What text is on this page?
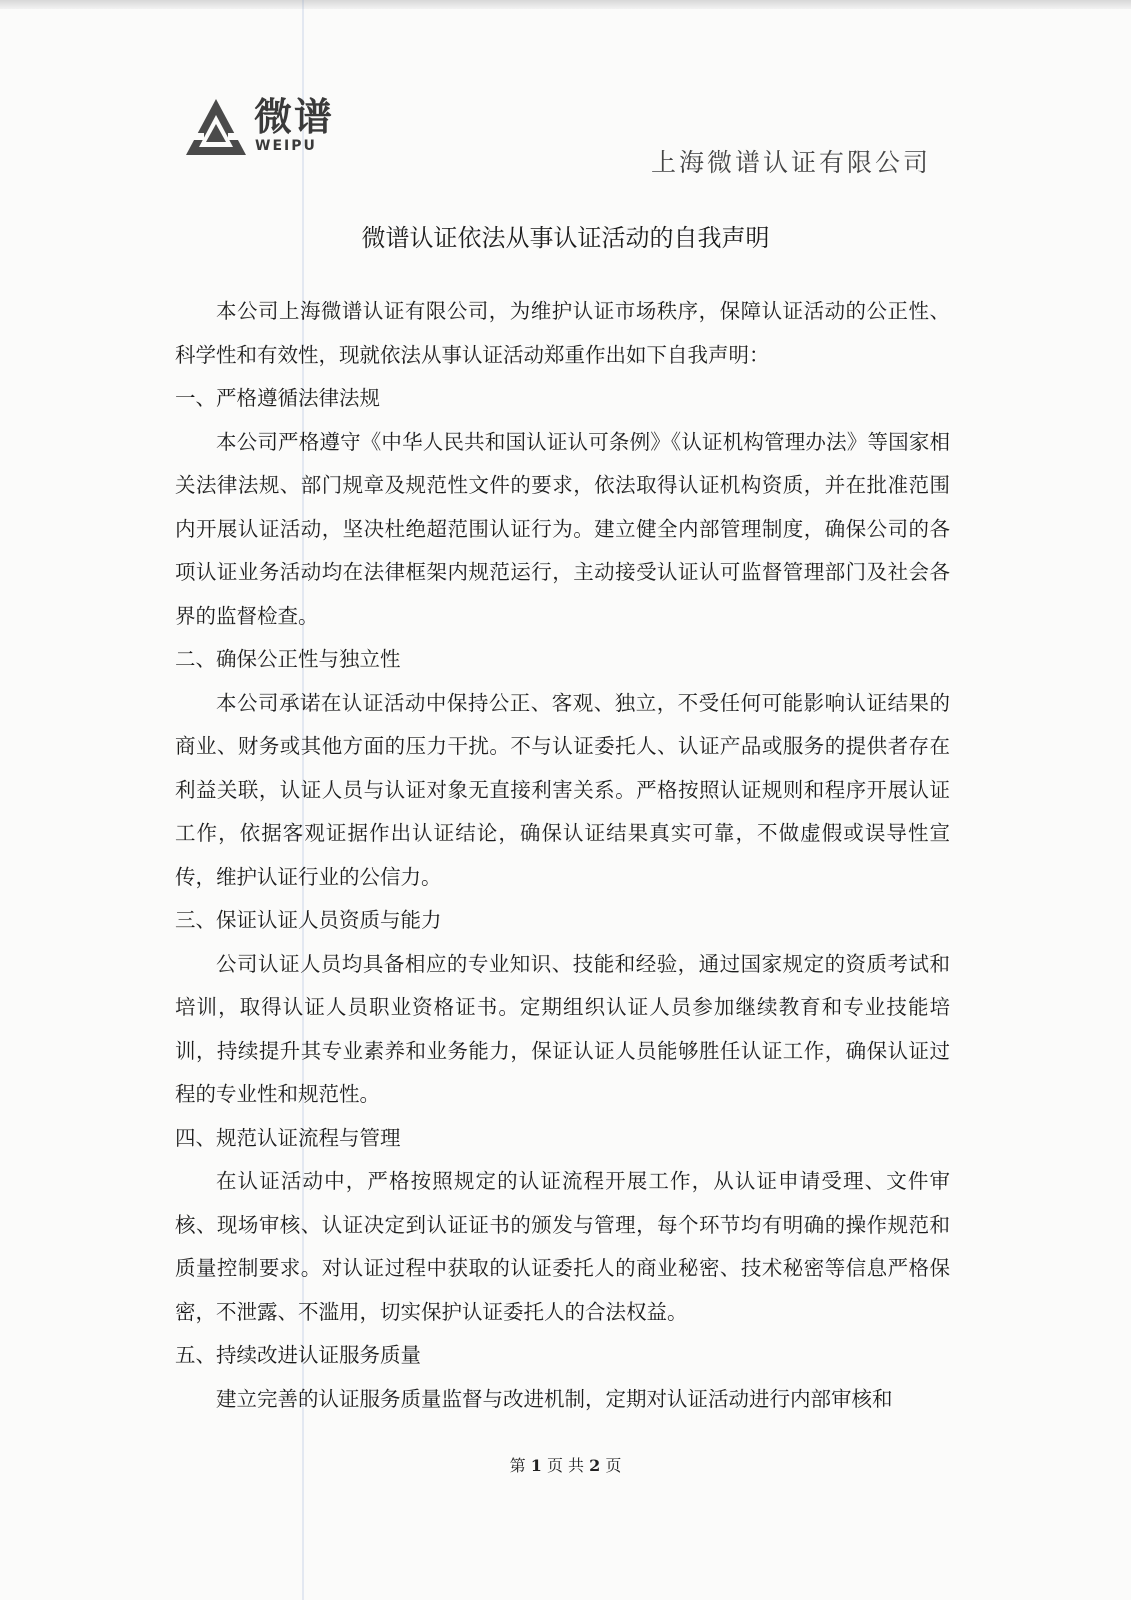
微谱
WEIPU
上海微谱认证有限公司
微谱认证依法从事认证活动的自我声明

本公司上海微谱认证有限公司，为维护认证市场秩序，保障认证活动的公正性、科学性和有效性，现就依法从事认证活动郑重作出如下自我声明：

一、严格遵循法律法规

本公司严格遵守《中华人民共和国认证认可条例》《认证机构管理办法》等国家相关法律法规、部门规章及规范性文件的要求，依法取得认证机构资质，并在批准范围内开展认证活动，坚决杜绝超范围认证行为。建立健全内部管理制度，确保公司的各项认证业务活动均在法律框架内规范运行，主动接受认证认可监督管理部门及社会各界的监督检查。

二、确保公正性与独立性

本公司承诺在认证活动中保持公正、客观、独立，不受任何可能影响认证结果的商业、财务或其他方面的压力干扰。不与认证委托人、认证产品或服务的提供者存在利益关联，认证人员与认证对象无直接利害关系。严格按照认证规则和程序开展认证工作，依据客观证据作出认证结论，确保认证结果真实可靠，不做虚假或误导性宣传，维护认证行业的公信力。

三、保证认证人员资质与能力

公司认证人员均具备相应的专业知识、技能和经验，通过国家规定的资质考试和培训，取得认证人员职业资格证书。定期组织认证人员参加继续教育和专业技能培训，持续提升其专业素养和业务能力，保证认证人员能够胜任认证工作，确保认证过程的专业性和规范性。

四、规范认证流程与管理

在认证活动中，严格按照规定的认证流程开展工作，从认证申请受理、文件审核、现场审核、认证决定到认证证书的颁发与管理，每个环节均有明确的操作规范和质量控制要求。对认证过程中获取的认证委托人的商业秘密、技术秘密等信息严格保密，不泄露、不滥用，切实保护认证委托人的合法权益。

五、持续改进认证服务质量

建立完善的认证服务质量监督与改进机制，定期对认证活动进行内部审核和

第 1 页 共 2 页
